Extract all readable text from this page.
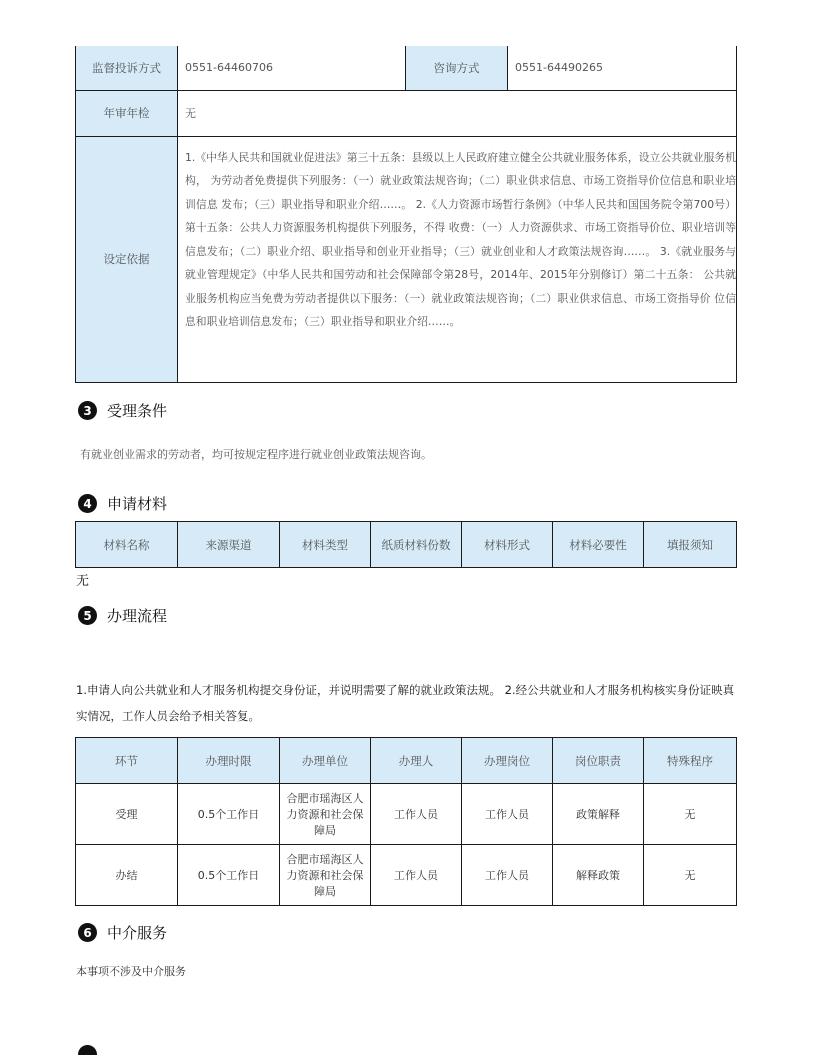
监督投诉方式	0551-64460706	咨询方式	0551-64490265
年审年检	无		
设定依据	1.《中华人民共和国就业促进法》第三十五条：县级以上人民政府建立健全公共就业服务体系，设立公共就业服务机构， 为劳动者免费提供下列服务：（一）就业政策法规咨询；（二）职业供求信息、市场工资指导价位信息和职业培训信息 发布；（三）职业指导和职业介绍……。 2.《人力资源市场暂行条例》（中华人民共和国国务院令第700号）第十五条：公共人力资源服务机构提供下列服务，不得 收费：（一）人力资源供求、市场工资指导价位、职业培训等信息发布；（二）职业介绍、职业指导和创业开业指导；（三）就业创业和人才政策法规咨询……。 3.《就业服务与就业管理规定》（中华人民共和国劳动和社会保障部令第28号，2014年、2015年分别修订）第二十五条： 公共就业服务机构应当免费为劳动者提供以下服务：（一）就业政策法规咨询；（二）职业供求信息、市场工资指导价 位信息和职业培训信息发布；（三）职业指导和职业介绍……。		
3 受理条件
有就业创业需求的劳动者，均可按规定程序进行就业创业政策法规咨询。
4 申请材料
材料名称	来源渠道	材料类型	纸质材料份数	材料形式	材料必要性	填报须知
无
5 办理流程
1.申请人向公共就业和人才服务机构提交身份证，并说明需要了解的就业政策法规。 2.经公共就业和人才服务机构核实身份证映真实情况，工作人员会给予相关答复。
环节	办理时限	办理单位	办理人	办理岗位	岗位职责	特殊程序
受理	0.5个工作日	合肥市瑶海区人力资源和社会保障局	工作人员	工作人员	政策解释	无
办结	0.5个工作日	合肥市瑶海区人力资源和社会保障局	工作人员	工作人员	解释政策	无
6 中介服务
本事项不涉及中介服务
